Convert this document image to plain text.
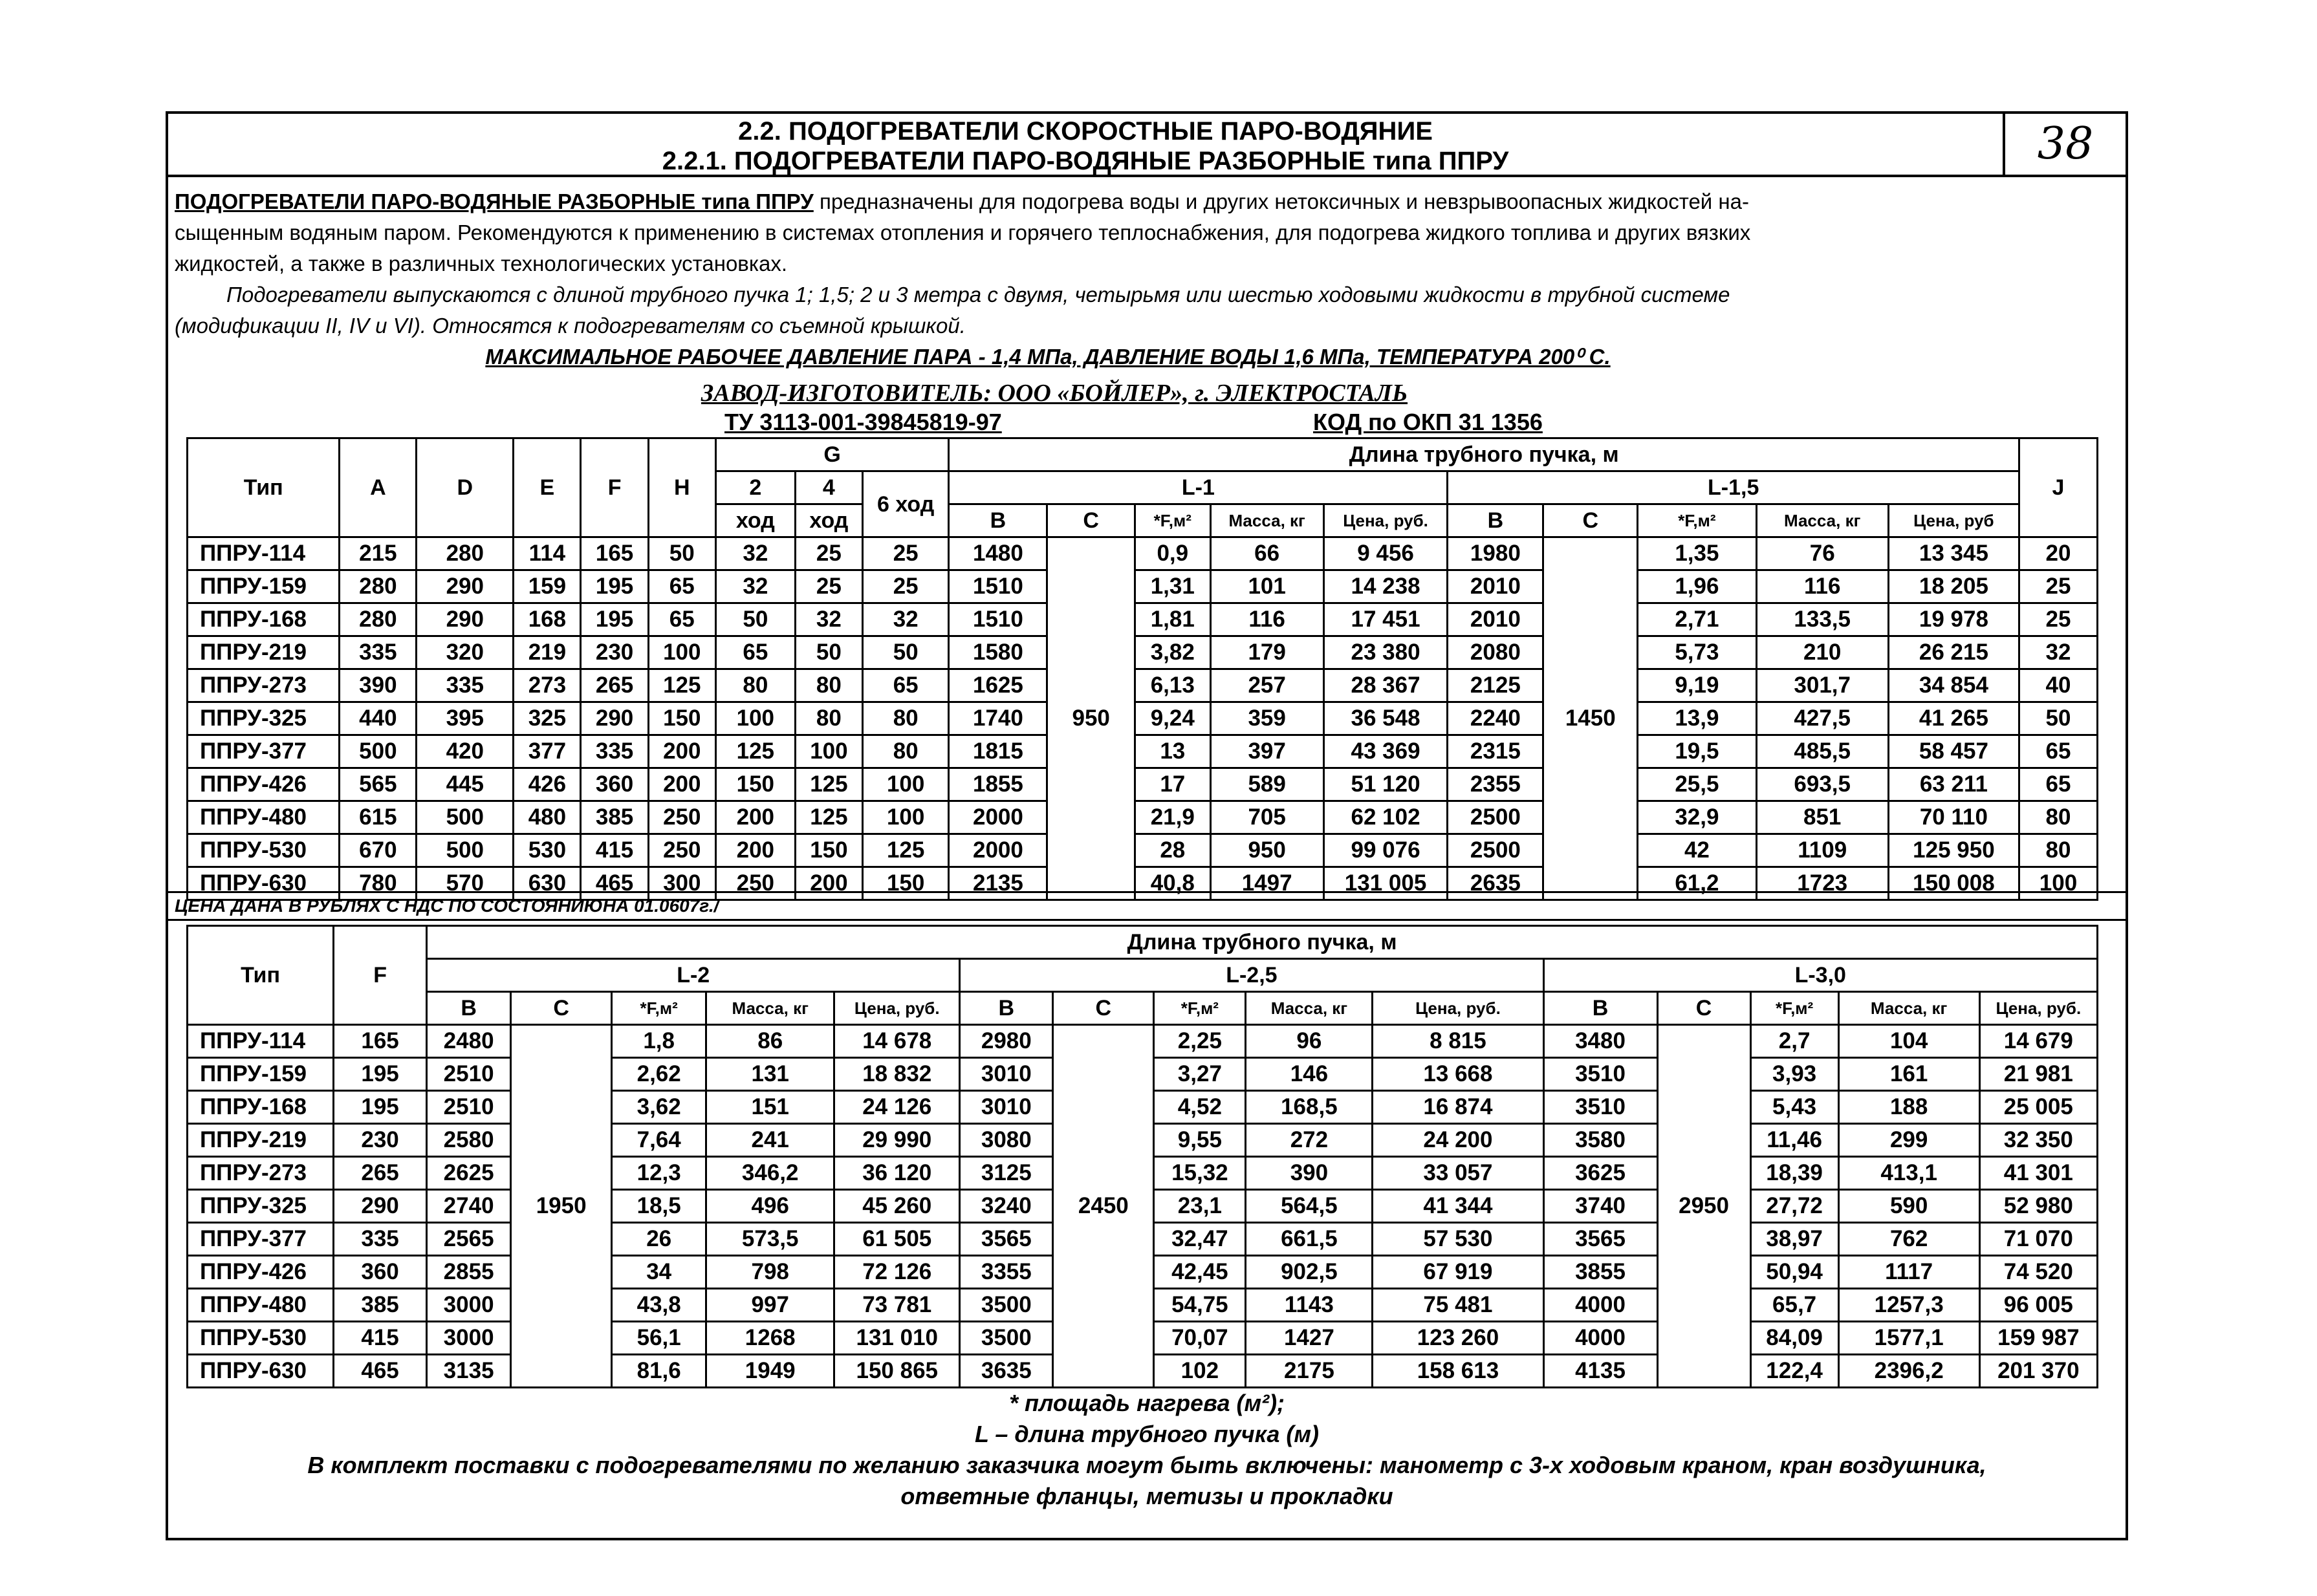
2.2. ПОДОГРЕВАТЕЛИ СКОРОСТНЫЕ ПАРО-ВОДЯНИЕ
2.2.1. ПОДОГРЕВАТЕЛИ ПАРО-ВОДЯНЫЕ РАЗБОРНЫЕ типа ППРУ	38

ПОДОГРЕВАТЕЛИ ПАРО-ВОДЯНЫЕ РАЗБОРНЫЕ типа ППРУ предназначены для подогрева воды и других нетоксичных и невзрывоопасных жидкостей на-

сыщенным водяным паром. Рекомендуются к применению в системах отопления и горячего теплоснабжения, для подогрева жидкого топлива и других вязких

жидкостей, а также в различных технологических установках.

Подогреватели выпускаются с длиной трубного пучка 1; 1,5; 2 и 3 метра с двумя, четырьмя или шестью ходовыми жидкости в трубной системе

(модификации II, IV и VI). Относятся к подогревателям со съемной крышкой.

МАКСИМАЛЬНОЕ РАБОЧЕЕ ДАВЛЕНИЕ ПАРА - 1,4 МПа, ДАВЛЕНИЕ ВОДЫ 1,6 МПа, ТЕМПЕРАТУРА 200⁰ С.

ЗАВОД-ИЗГОТОВИТЕЛЬ: ООО «БОЙЛЕР», г. ЭЛЕКТРОСТАЛЬ
ТУ 3113-001-39845819-97	КОД по ОКП 31 1356
Тип	A	D	E	F	H	G			Длина трубного пучка, м										J
						2	4	6 ход	L-1					L-1,5					
						ход	ход		B	C	*F,м²	Масса, кг	Цена, руб.	B	C	*F,м²	Масса, кг	Цена, руб	
ППРУ-114	215	280	114	165	50	32	25	25	1480	950	0,9	66	9 456	1980	1450	1,35	76	13 345	20
ППРУ-159	280	290	159	195	65	32	25	25	1510		1,31	101	14 238	2010		1,96	116	18 205	25
ППРУ-168	280	290	168	195	65	50	32	32	1510		1,81	116	17 451	2010		2,71	133,5	19 978	25
ППРУ-219	335	320	219	230	100	65	50	50	1580		3,82	179	23 380	2080		5,73	210	26 215	32
ППРУ-273	390	335	273	265	125	80	80	65	1625		6,13	257	28 367	2125		9,19	301,7	34 854	40
ППРУ-325	440	395	325	290	150	100	80	80	1740		9,24	359	36 548	2240		13,9	427,5	41 265	50
ППРУ-377	500	420	377	335	200	125	100	80	1815		13	397	43 369	2315		19,5	485,5	58 457	65
ППРУ-426	565	445	426	360	200	150	125	100	1855		17	589	51 120	2355		25,5	693,5	63 211	65
ППРУ-480	615	500	480	385	250	200	125	100	2000		21,9	705	62 102	2500		32,9	851	70 110	80
ППРУ-530	670	500	530	415	250	200	150	125	2000		28	950	99 076	2500		42	1109	125 950	80
ППРУ-630	780	570	630	465	300	250	200	150	2135		40,8	1497	131 005	2635		61,2	1723	150 008	100
ЦЕНА ДАНА В РУБЛЯХ С НДС ПО СОСТОЯНИЮНА 01.0607г./
Тип	F	Длина трубного пучка, м														
		L-2					L-2,5					L-3,0				
		B	C	*F,м²	Масса, кг	Цена, руб.	B	C	*F,м²	Масса, кг	Цена, руб.	B	C	*F,м²	Масса, кг	Цена, руб.
ППРУ-114	165	2480	1950	1,8	86	14 678	2980	2450	2,25	96	8 815	3480	2950	2,7	104	14 679
ППРУ-159	195	2510		2,62	131	18 832	3010		3,27	146	13 668	3510		3,93	161	21 981
ППРУ-168	195	2510		3,62	151	24 126	3010		4,52	168,5	16 874	3510		5,43	188	25 005
ППРУ-219	230	2580		7,64	241	29 990	3080		9,55	272	24 200	3580		11,46	299	32 350
ППРУ-273	265	2625		12,3	346,2	36 120	3125		15,32	390	33 057	3625		18,39	413,1	41 301
ППРУ-325	290	2740		18,5	496	45 260	3240		23,1	564,5	41 344	3740		27,72	590	52 980
ППРУ-377	335	2565		26	573,5	61 505	3565		32,47	661,5	57 530	3565		38,97	762	71 070
ППРУ-426	360	2855		34	798	72 126	3355		42,45	902,5	67 919	3855		50,94	1117	74 520
ППРУ-480	385	3000		43,8	997	73 781	3500		54,75	1143	75 481	4000		65,7	1257,3	96 005
ППРУ-530	415	3000		56,1	1268	131 010	3500		70,07	1427	123 260	4000		84,09	1577,1	159 987
ППРУ-630	465	3135		81,6	1949	150 865	3635		102	2175	158 613	4135		122,4	2396,2	201 370

* площадь нагрева (м²);

L – длина трубного пучка (м)

В комплект поставки с подогревателями по желанию заказчика могут быть включены: манометр с 3-х ходовым краном, кран воздушника,

ответные фланцы, метизы и прокладки
